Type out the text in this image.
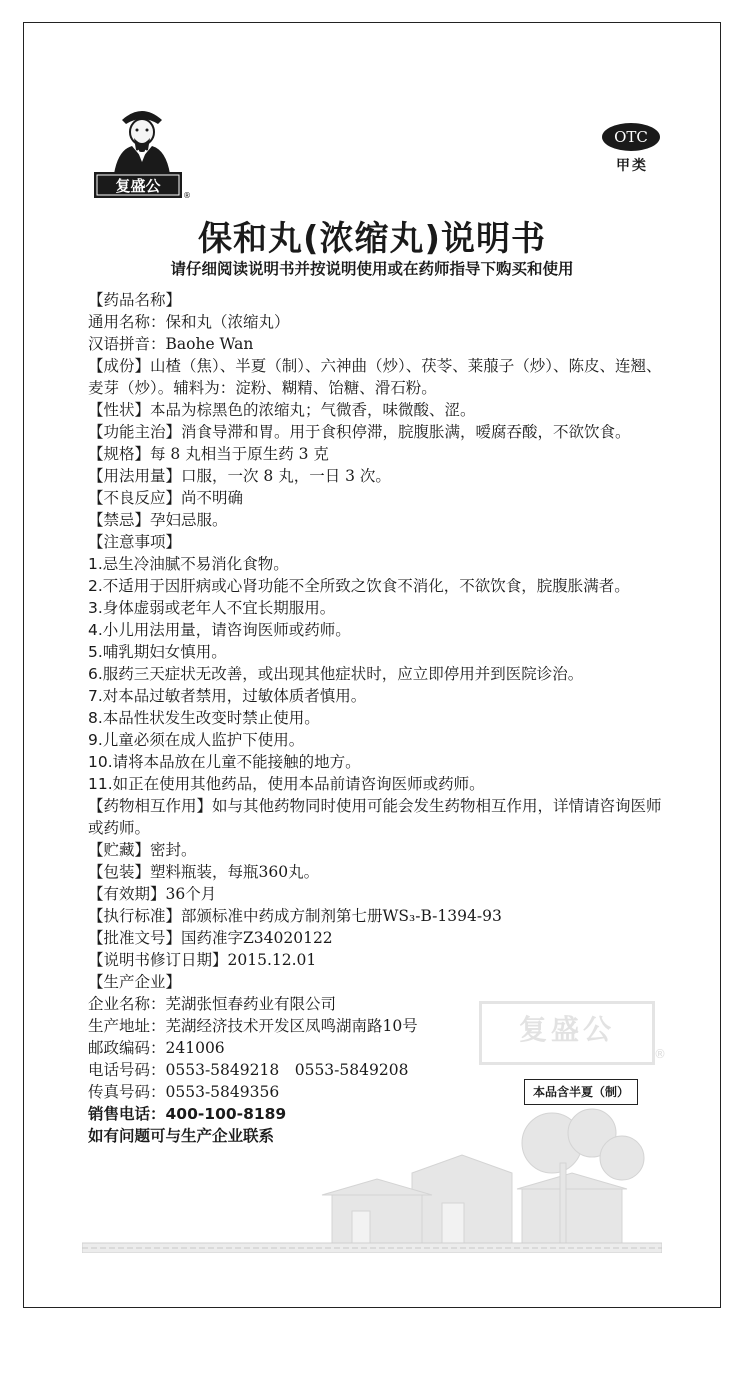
复盛公
®
OTC
甲类
保和丸(浓缩丸)说明书
请仔细阅读说明书并按说明使用或在药师指导下购买和使用
复盛公
®
本品含半夏（制）
【药品名称】
通用名称：保和丸（浓缩丸）
汉语拼音：Baohe Wan
【成份】山楂（焦）、半夏（制）、六神曲（炒）、茯苓、莱菔子（炒）、陈皮、连翘、麦芽（炒）。辅料为：淀粉、糊精、饴糖、滑石粉。
【性状】本品为棕黑色的浓缩丸；气微香，味微酸、涩。
【功能主治】消食导滞和胃。用于食积停滞，脘腹胀满，嗳腐吞酸，不欲饮食。
【规格】每 8 丸相当于原生药 3 克
【用法用量】口服，一次 8 丸，一日 3 次。
【不良反应】尚不明确
【禁忌】孕妇忌服。
【注意事项】
1.忌生冷油腻不易消化食物。
2.不适用于因肝病或心肾功能不全所致之饮食不消化，不欲饮食，脘腹胀满者。
3.身体虚弱或老年人不宜长期服用。
4.小儿用法用量，请咨询医师或药师。
5.哺乳期妇女慎用。
6.服药三天症状无改善，或出现其他症状时，应立即停用并到医院诊治。
7.对本品过敏者禁用，过敏体质者慎用。
8.本品性状发生改变时禁止使用。
9.儿童必须在成人监护下使用。
10.请将本品放在儿童不能接触的地方。
11.如正在使用其他药品，使用本品前请咨询医师或药师。
【药物相互作用】如与其他药物同时使用可能会发生药物相互作用，详情请咨询医师或药师。
【贮藏】密封。
【包装】塑料瓶装，每瓶360丸。
【有效期】36个月
【执行标准】部颁标准中药成方制剂第七册WS₃-B-1394-93
【批准文号】国药准字Z34020122
【说明书修订日期】2015.12.01
【生产企业】
企业名称：芜湖张恒春药业有限公司
生产地址：芜湖经济技术开发区凤鸣湖南路10号
邮政编码：241006
电话号码：0553-5849218　0553-5849208
传真号码：0553-5849356
销售电话：400-100-8189
如有问题可与生产企业联系
